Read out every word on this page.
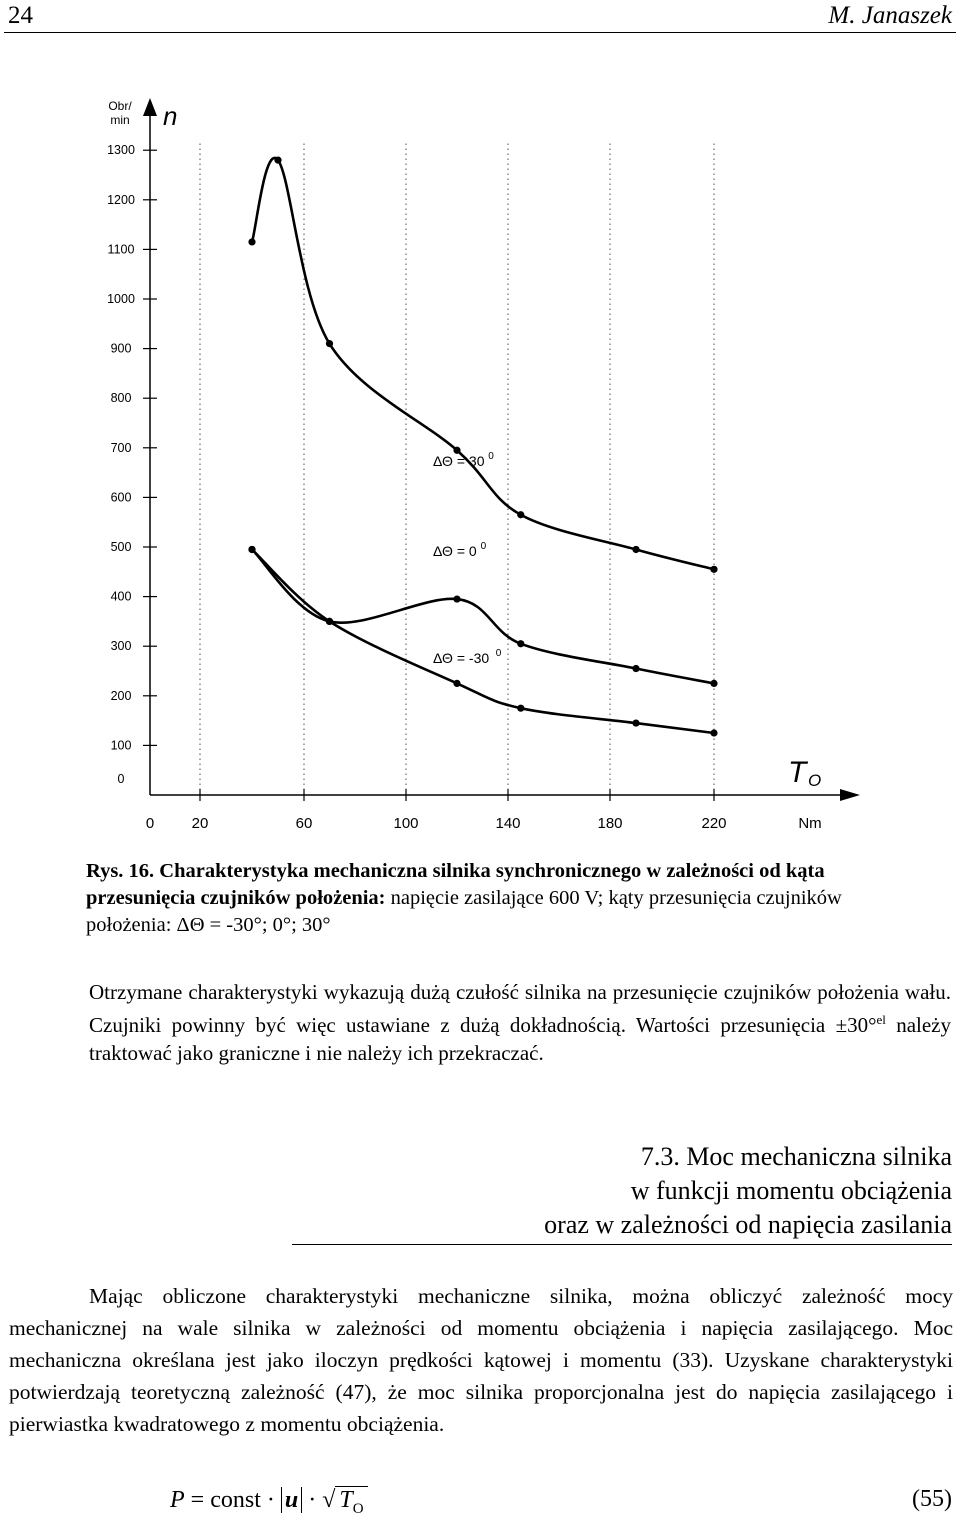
24	M. Janaszek
Obr/
min n
0
100
200
300
400
500
600
700
800
900
1000
1100
1200
1300
0 20	60	100	140	180	220	Nm
T O
ΔΘ = 30 0
ΔΘ = 0 0
ΔΘ = -30 0
Rys. 16. Charakterystyka mechaniczna silnika synchronicznego w zależności od kąta przesunięcia czujników położenia: napięcie zasilające 600 V; kąty przesunięcia czujników położenia: ΔΘ = -30°; 0°; 30°
Otrzymane charakterystyki wykazują dużą czułość silnika na przesunięcie czujników położenia wału. Czujniki powinny być więc ustawiane z dużą dokładnością. Wartości przesunięcia ±30°$^{el}$ należy traktować jako graniczne i nie należy ich przekraczać.
7.3. Moc mechaniczna silnika
w funkcji momentu obciążenia
oraz w zależności od napięcia zasilania
Mając obliczone charakterystyki mechaniczne silnika, można obliczyć zależność mocy mechanicznej na wale silnika w zależności od momentu obciążenia i napięcia zasilającego. Moc mechaniczna określana jest jako iloczyn prędkości kątowej i momentu (33). Uzyskane charakterystyki potwierdzają teoretyczną zależność (47), że moc silnika proporcjonalna jest do napięcia zasilającego i pierwiastka kwadratowego z momentu obciążenia.
P = const · u · √ $T_O$	(55)
